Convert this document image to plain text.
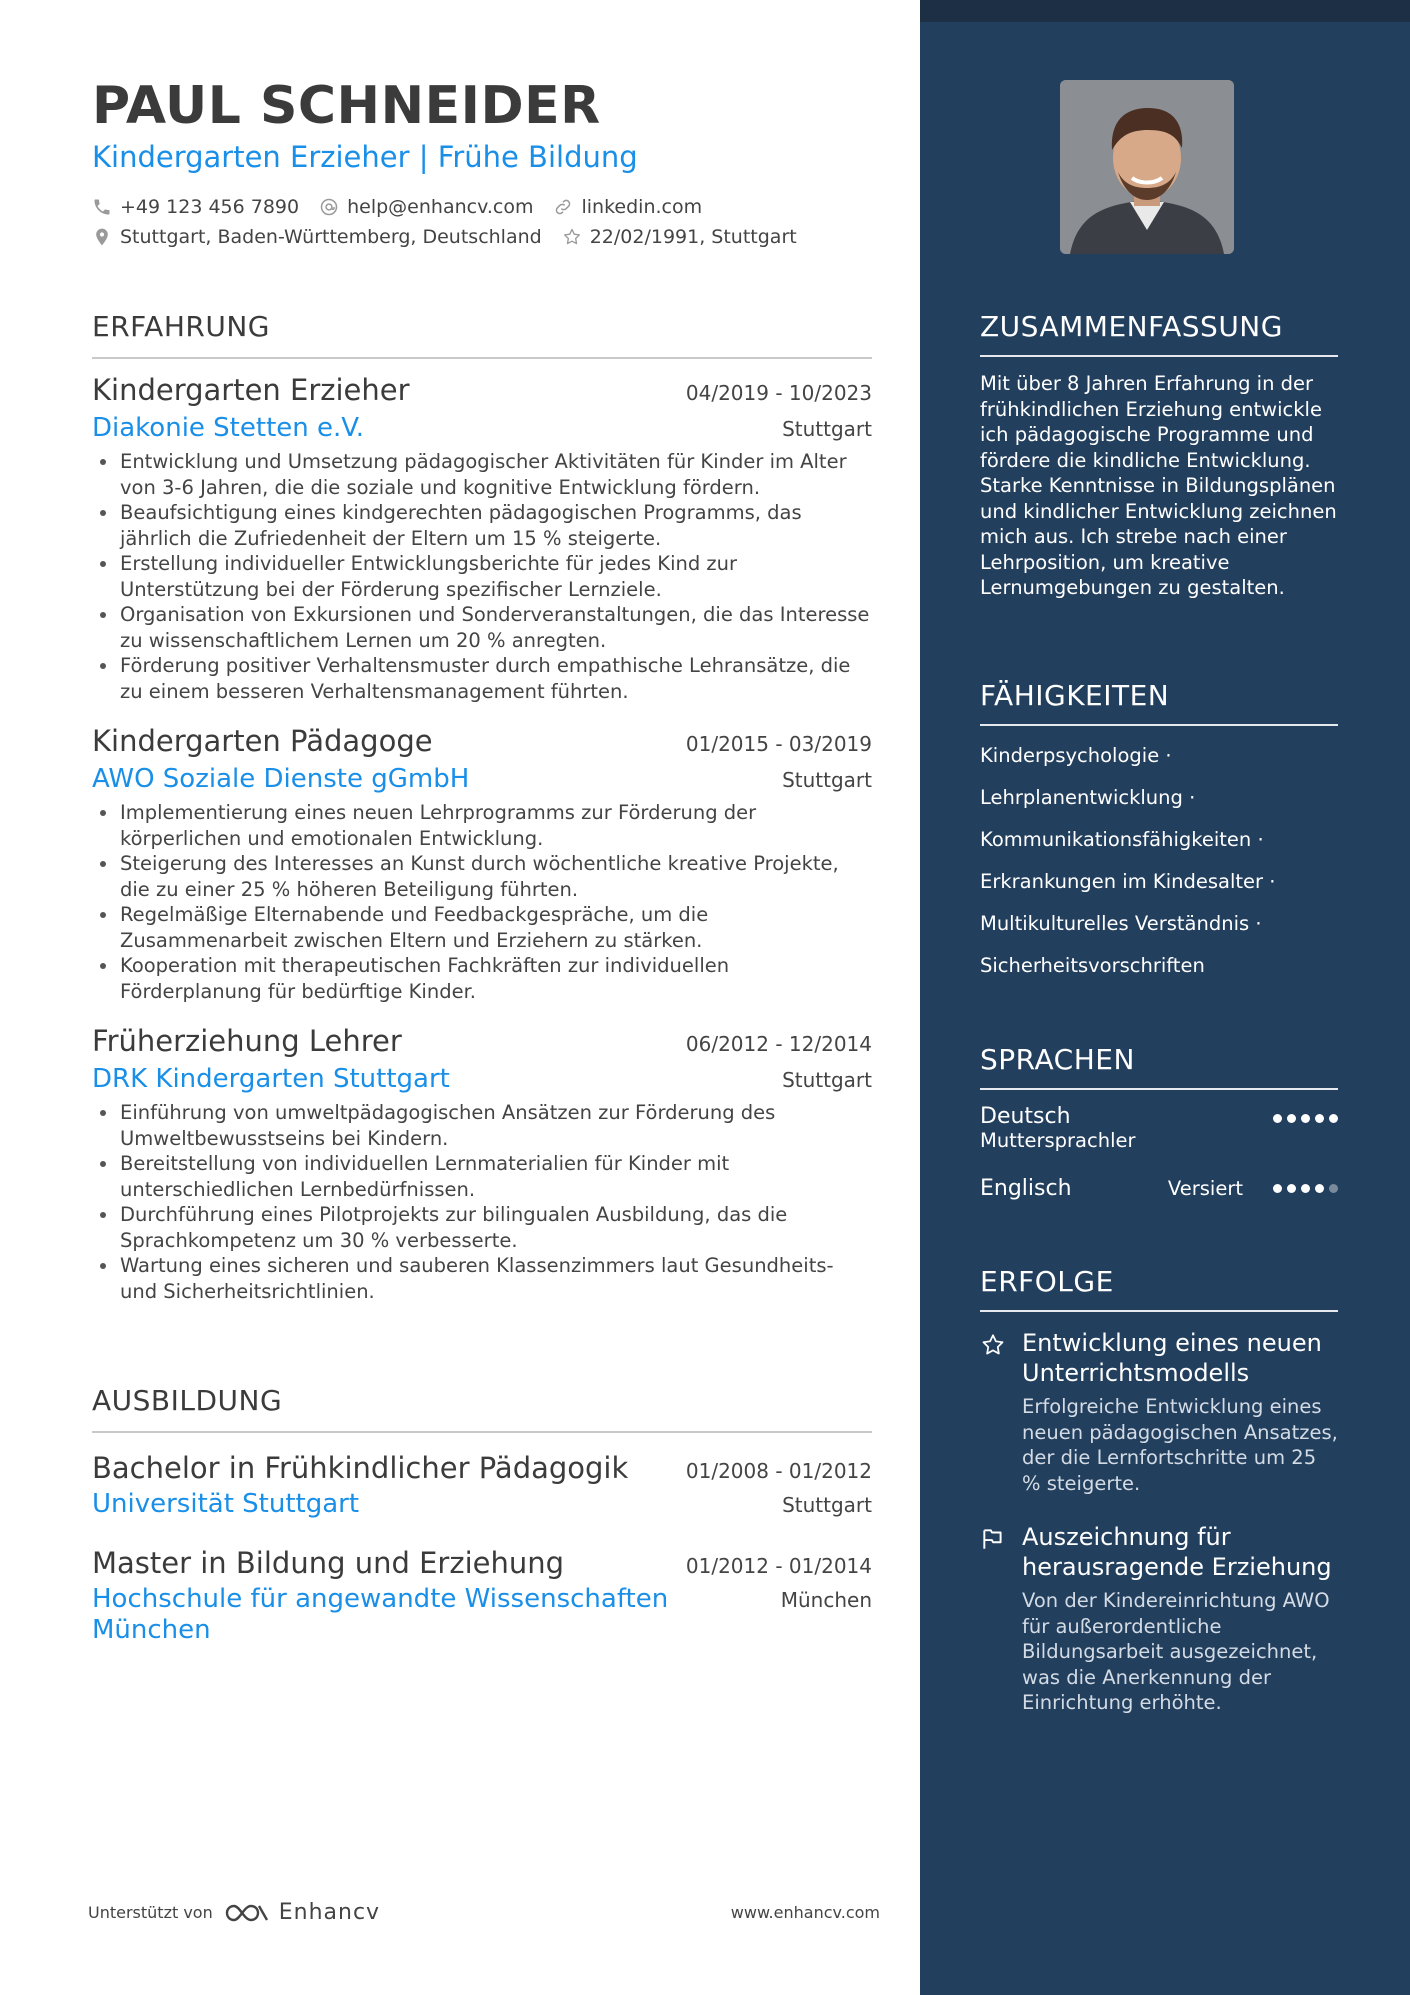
PAUL SCHNEIDER
Kindergarten Erzieher | Frühe Bildung
+49 123 456 7890	help@enhancv.com	linkedin.com
Stuttgart, Baden-Württemberg, Deutschland	22/02/1991, Stuttgart
ERFAHRUNG
Kindergarten Erzieher	04/2019 - 10/2023
Diakonie Stetten e.V.	Stuttgart
Entwicklung und Umsetzung pädagogischer Aktivitäten für Kinder im Alter von 3-6 Jahren, die die soziale und kognitive Entwicklung fördern.
Beaufsichtigung eines kindgerechten pädagogischen Programms, das jährlich die Zufriedenheit der Eltern um 15 % steigerte.
Erstellung individueller Entwicklungsberichte für jedes Kind zur Unterstützung bei der Förderung spezifischer Lernziele.
Organisation von Exkursionen und Sonderveranstaltungen, die das Interesse zu wissenschaftlichem Lernen um 20 % anregten.
Förderung positiver Verhaltensmuster durch empathische Lehransätze, die zu einem besseren Verhaltensmanagement führten.
Kindergarten Pädagoge	01/2015 - 03/2019
AWO Soziale Dienste gGmbH	Stuttgart
Implementierung eines neuen Lehrprogramms zur Förderung der körperlichen und emotionalen Entwicklung.
Steigerung des Interesses an Kunst durch wöchentliche kreative Projekte, die zu einer 25 % höheren Beteiligung führten.
Regelmäßige Elternabende und Feedbackgespräche, um die Zusammenarbeit zwischen Eltern und Erziehern zu stärken.
Kooperation mit therapeutischen Fachkräften zur individuellen Förderplanung für bedürftige Kinder.
Früherziehung Lehrer	06/2012 - 12/2014
DRK Kindergarten Stuttgart	Stuttgart
Einführung von umweltpädagogischen Ansätzen zur Förderung des Umweltbewusstseins bei Kindern.
Bereitstellung von individuellen Lernmaterialien für Kinder mit unterschiedlichen Lernbedürfnissen.
Durchführung eines Pilotprojekts zur bilingualen Ausbildung, das die Sprachkompetenz um 30 % verbesserte.
Wartung eines sicheren und sauberen Klassenzimmers laut Gesundheits- und Sicherheitsrichtlinien.
AUSBILDUNG
Bachelor in Frühkindlicher Pädagogik	01/2008 - 01/2012
Universität Stuttgart	Stuttgart
Master in Bildung und Erziehung	01/2012 - 01/2014
Hochschule für angewandte Wissenschaften München
München
Unterstützt von	Enhancv	www.enhancv.com
ZUSAMMENFASSUNG

Mit über 8 Jahren Erfahrung in der frühkindlichen Erziehung entwickle ich pädagogische Programme und fördere die kindliche Entwicklung. Starke Kenntnisse in Bildungsplänen und kindlicher Entwicklung zeichnen mich aus. Ich strebe nach einer Lehrposition, um kreative Lernumgebungen zu gestalten.

FÄHIGKEITEN
Kinderpsychologie ·
Lehrplanentwicklung ·
Kommunikationsfähigkeiten ·
Erkrankungen im Kindesalter ·
Multikulturelles Verständnis ·
Sicherheitsvorschriften
SPRACHEN
Deutsch
Muttersprachler
Englisch	Versiert
ERFOLGE
Entwicklung eines neuen Unterrichtsmodells
Erfolgreiche Entwicklung eines neuen pädagogischen Ansatzes, der die Lernfortschritte um 25 % steigerte.
Auszeichnung für herausragende Erziehung
Von der Kindereinrichtung AWO für außerordentliche Bildungsarbeit ausgezeichnet, was die Anerkennung der Einrichtung erhöhte.
